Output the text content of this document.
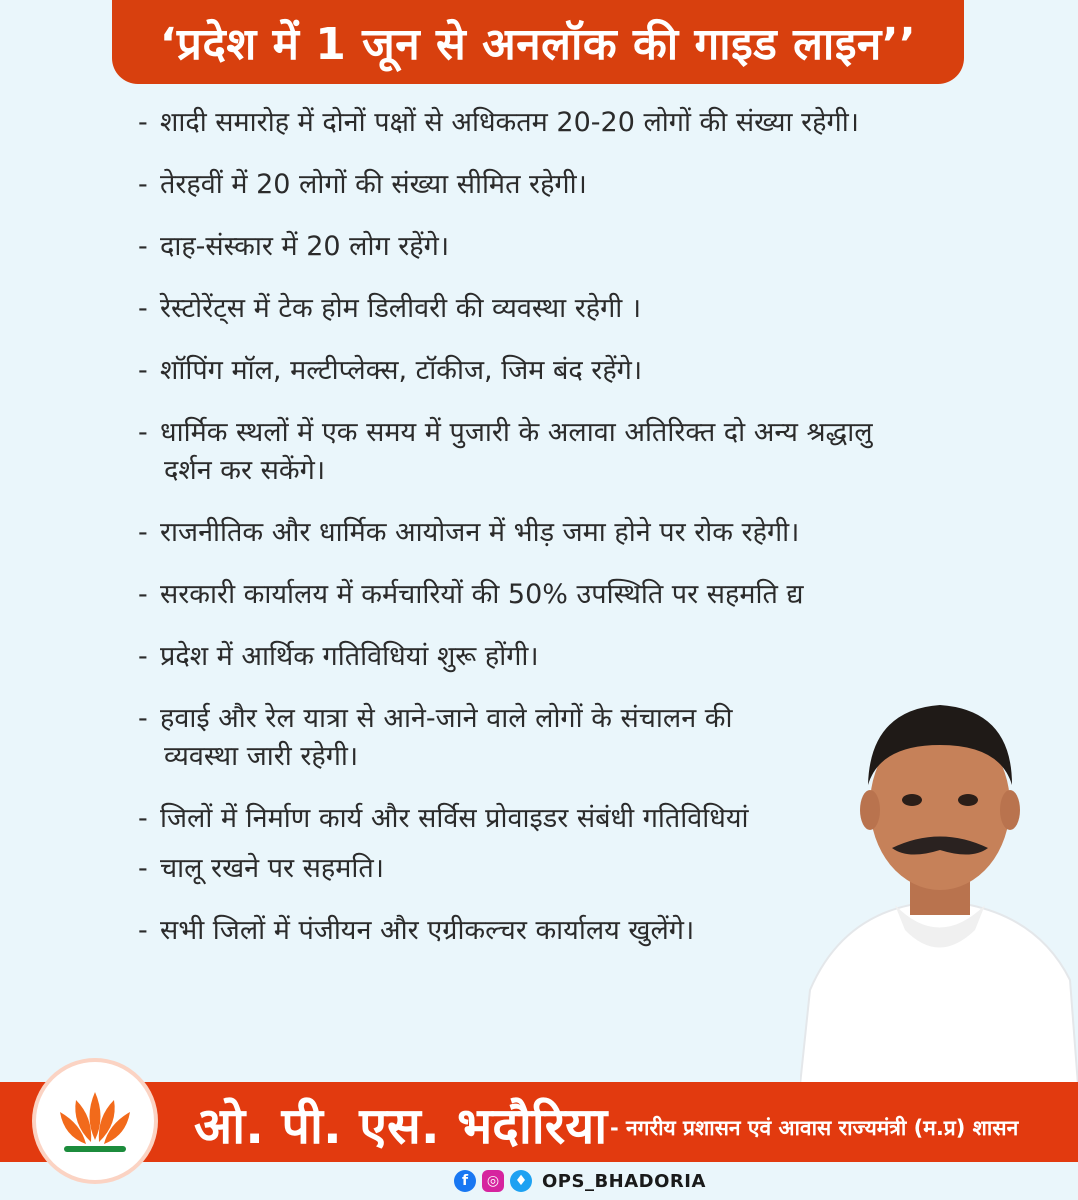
‘प्रदेश में 1 जून से अनलॉक की गाइड लाइन’’
- शादी समारोह में दोनों पक्षों से अधिकतम 20-20 लोगों की संख्या रहेगी।
- तेरहवीं में 20 लोगों की संख्या सीमित रहेगी।
- दाह-संस्कार में 20 लोग रहेंगे।
- रेस्टोरेंट्स में टेक होम डिलीवरी की व्यवस्था रहेगी ।
- शॉपिंग मॉल, मल्टीप्लेक्स, टॉकीज, जिम बंद रहेंगे।
- धार्मिक स्थलों में एक समय में पुजारी के अलावा अतिरिक्त दो अन्य श्रद्धालु
दर्शन कर सकेंगे।
- राजनीतिक और धार्मिक आयोजन में भीड़ जमा होने पर रोक रहेगी।
- सरकारी कार्यालय में कर्मचारियों की 50% उपस्थिति पर सहमति द्य
- प्रदेश में आर्थिक गतिविधियां शुरू होंगी।
- हवाई और रेल यात्रा से आने-जाने वाले लोगों के संचालन की
व्यवस्था जारी रहेगी।
- जिलों में निर्माण कार्य और सर्विस प्रोवाइडर संबंधी गतिविधियां
- चालू रखने पर सहमति।
- सभी जिलों में पंजीयन और एग्रीकल्चर कार्यालय खुलेंगे।
ओ. पी. एस. भदौरिया - नगरीय प्रशासन एवं आवास राज्यमंत्री (म.प्र) शासन
f	◎	♦ OPS_BHADORIA
